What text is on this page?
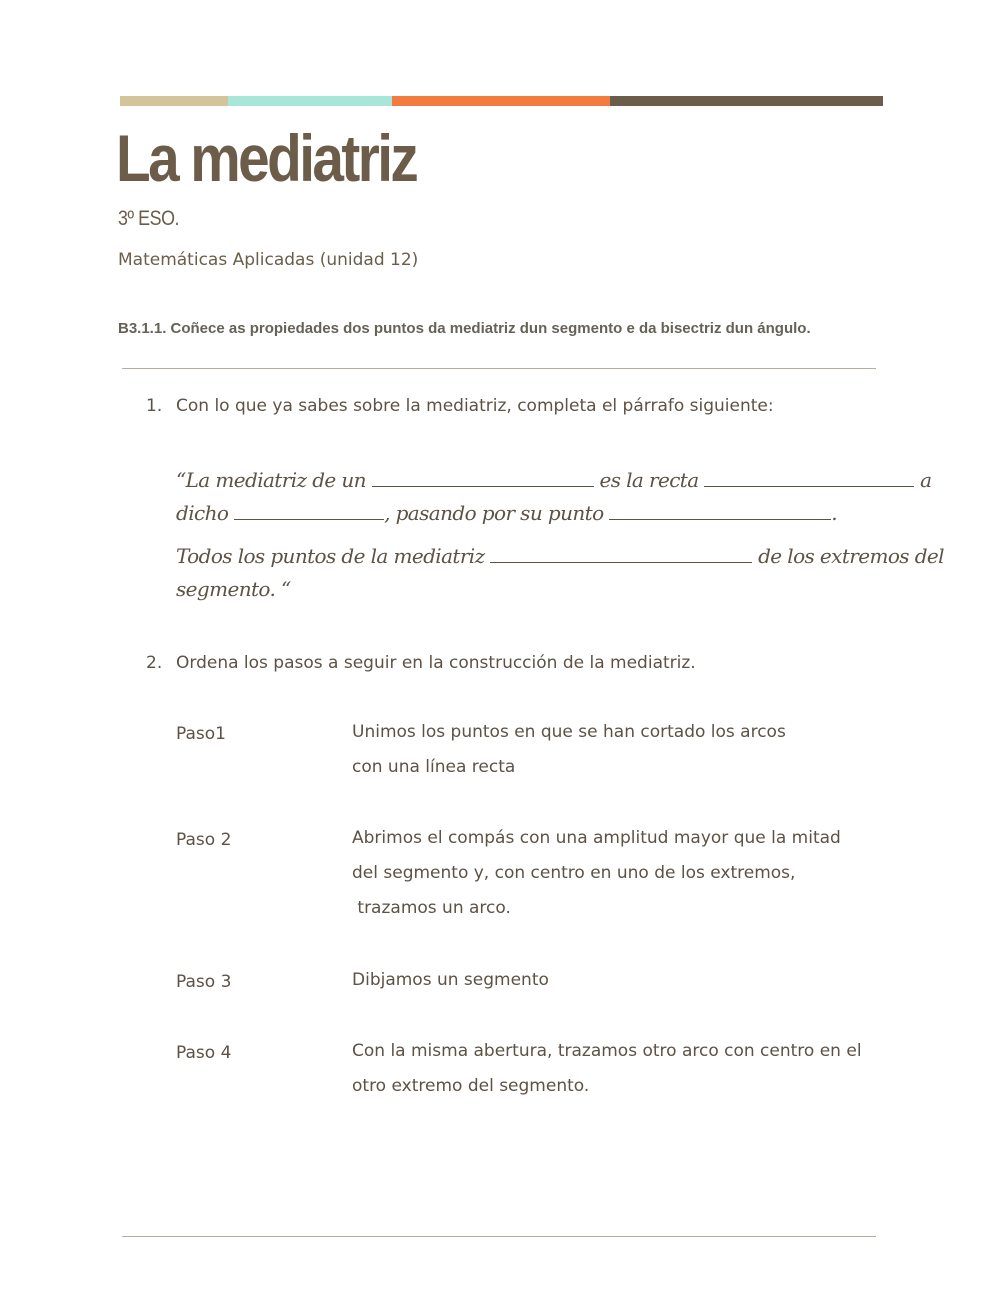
La mediatriz
3º ESO.
Matemáticas Aplicadas (unidad 12)
B3.1.1. Coñece as propiedades dos puntos da mediatriz dun segmento e da bisectriz dun ángulo.
1. Con lo que ya sabes sobre la mediatriz, completa el párrafo siguiente:
“La mediatriz de un	es la recta	a
dicho	, pasando por su punto	.
Todos los puntos de la mediatriz	de los extremos del
segmento. “
2. Ordena los pasos a seguir en la construcción de la mediatriz.
Paso1	Unimos los puntos en que se han cortado los arcos
con una línea recta
Paso 2	Abrimos el compás con una amplitud mayor que la mitad
del segmento y, con centro en uno de los extremos,
trazamos un arco.
Paso 3	Dibjamos un segmento
Paso 4	Con la misma abertura, trazamos otro arco con centro en el
otro extremo del segmento.
